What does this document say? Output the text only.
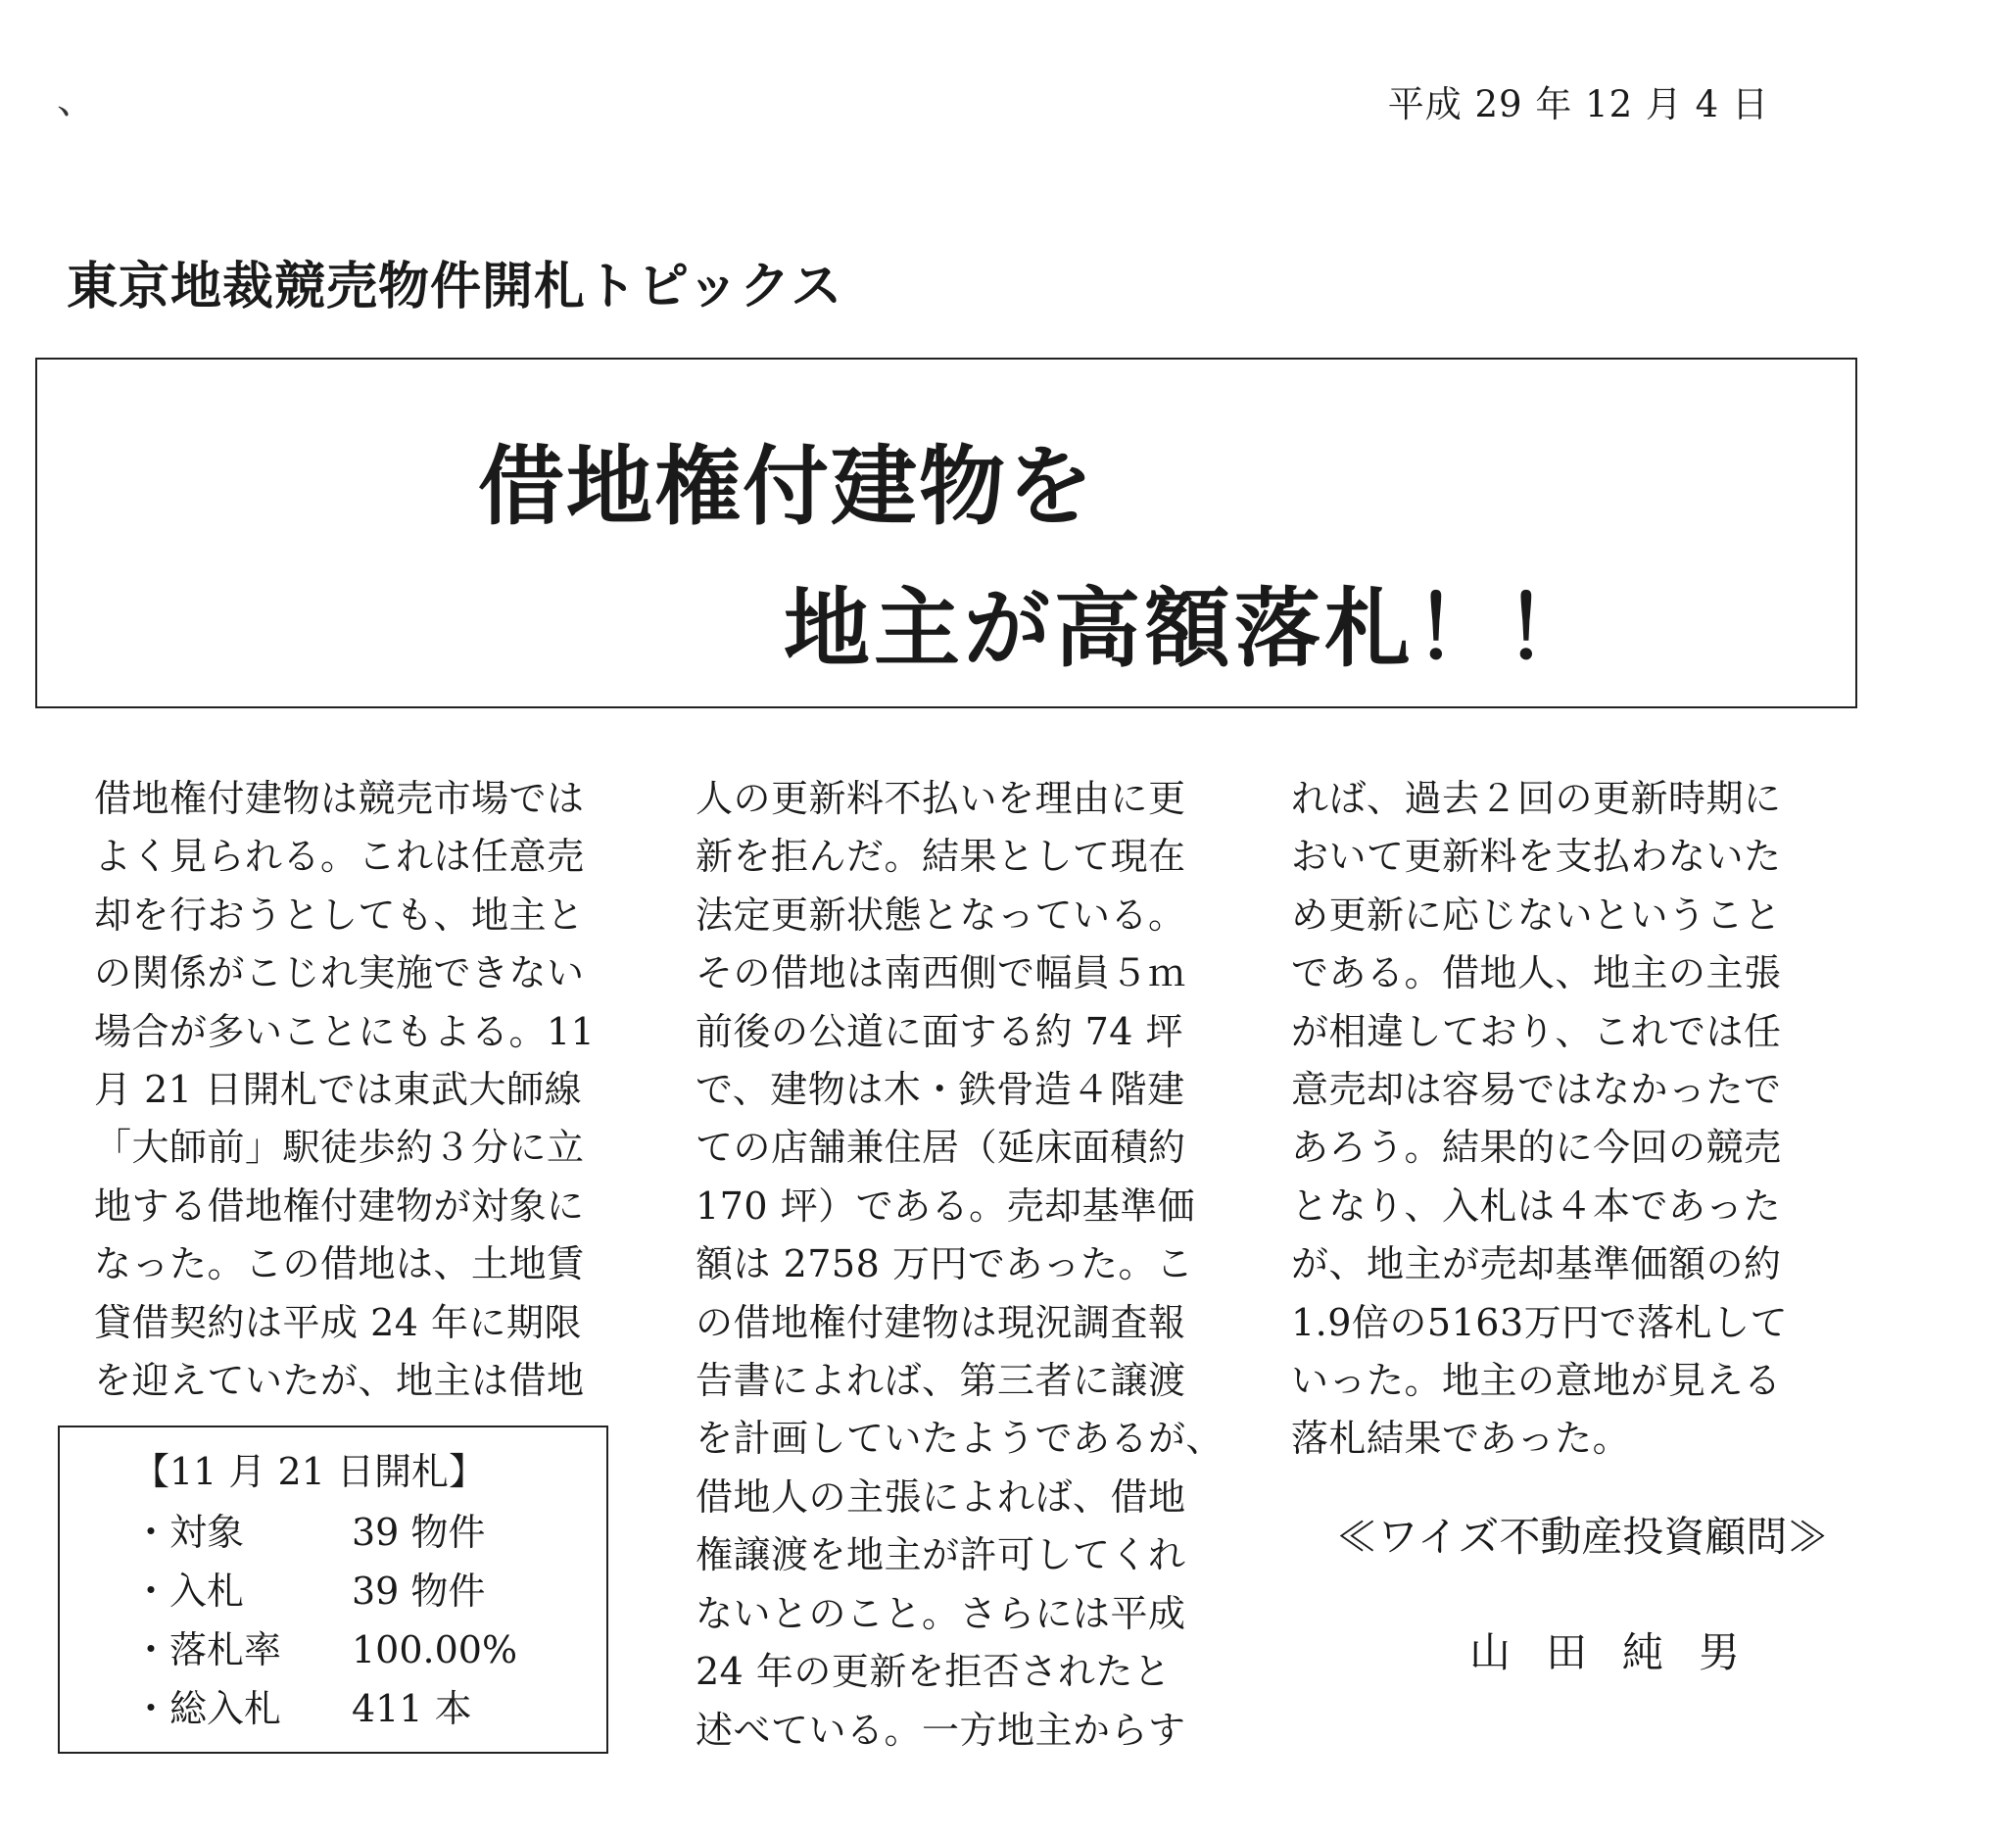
、	平成 29 年 12 月 4 日
東京地裁競売物件開札トピックス
借地権付建物を
地主が高額落札！！

借地権付建物は競売市場では

よく見られる。これは任意売

却を行おうとしても、地主と

の関係がこじれ実施できない

場合が多いことにもよる。11

月 21 日開札では東武大師線

「大師前」駅徒歩約３分に立

地する借地権付建物が対象に

なった。この借地は、土地賃

貸借契約は平成 24 年に期限

を迎えていたが、地主は借地

人の更新料不払いを理由に更

新を拒んだ。結果として現在

法定更新状態となっている。

その借地は南西側で幅員５ｍ

前後の公道に面する約 74 坪

で、建物は木・鉄骨造４階建

ての店舗兼住居（延床面積約

170 坪）である。売却基準価

額は 2758 万円であった。こ

の借地権付建物は現況調査報

告書によれば、第三者に譲渡

を計画していたようであるが、

借地人の主張によれば、借地

権譲渡を地主が許可してくれ

ないとのこと。さらには平成

24 年の更新を拒否されたと

述べている。一方地主からす

れば、過去２回の更新時期に

おいて更新料を支払わないた

め更新に応じないということ

である。借地人、地主の主張

が相違しており、これでは任

意売却は容易ではなかったで

あろう。結果的に今回の競売

となり、入札は４本であった

が、地主が売却基準価額の約

1.9倍の5163万円で落札して

いった。地主の意地が見える

落札結果であった。

【11 月 21 日開札】
・対象	39 物件
・入札	39 物件
・落札率 100.00%
・総入札 411 本
≪ワイズ不動産投資顧問≫
山田純男
